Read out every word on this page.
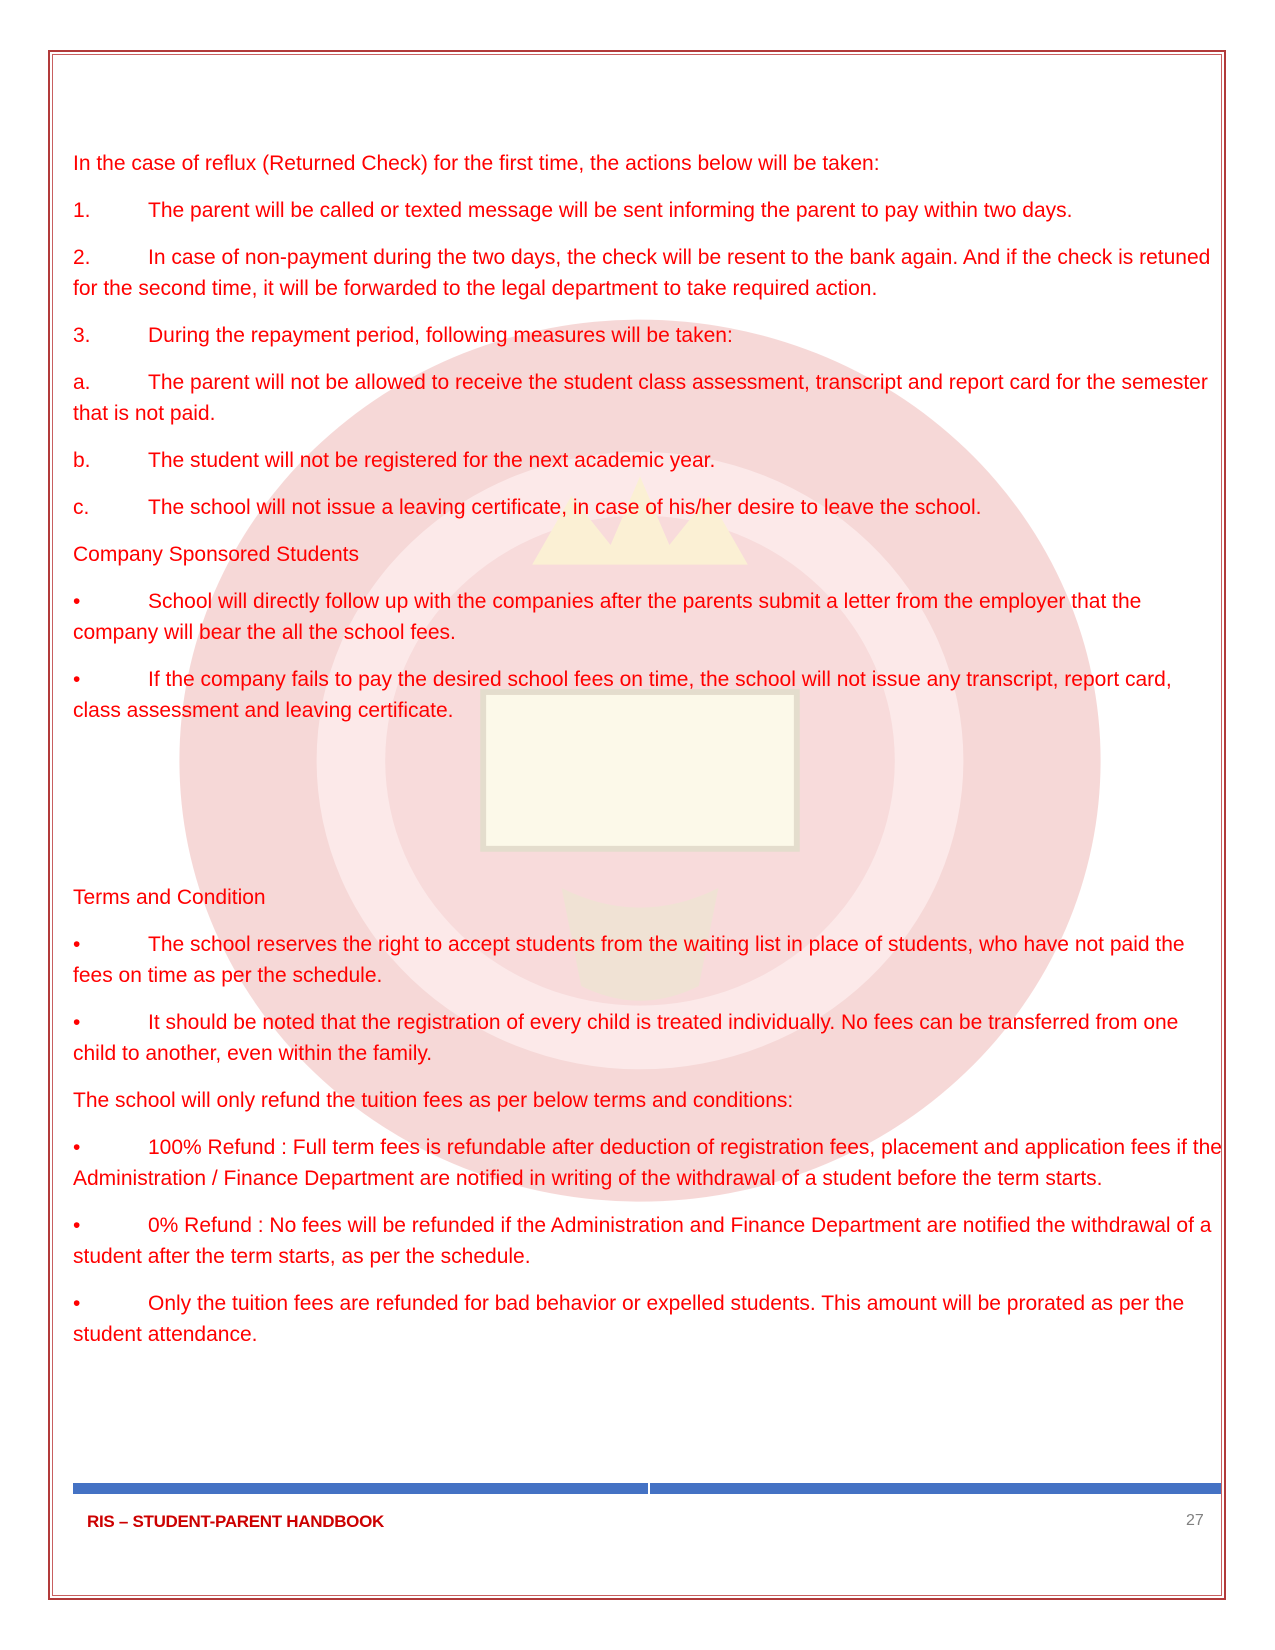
In the case of reflux (Returned Check) for the first time, the actions below will be taken:

1.	The parent will be called or texted message will be sent informing the parent to pay within two days.

2.	In case of non-payment during the two days, the check will be resent to the bank again. And if the check is retuned for the second time, it will be forwarded to the legal department to take required action.

3.	During the repayment period, following measures will be taken:

a.	The parent will not be allowed to receive the student class assessment, transcript and report card for the semester that is not paid.

b.	The student will not be registered for the next academic year.

c.	The school will not issue a leaving certificate, in case of his/her desire to leave the school.

Company Sponsored Students

•	School will directly follow up with the companies after the parents submit a letter from the employer that the company will bear the all the school fees.

•	If the company fails to pay the desired school fees on time, the school will not issue any transcript, report card, class assessment and leaving certificate.

Terms and Condition

•	The school reserves the right to accept students from the waiting list in place of students, who have not paid the fees on time as per the schedule.

•	It should be noted that the registration of every child is treated individually. No fees can be transferred from one child to another, even within the family.

The school will only refund the tuition fees as per below terms and conditions:

•	100% Refund : Full term fees is refundable after deduction of registration fees, placement and application fees if the Administration / Finance Department are notified in writing of the withdrawal of a student before the term starts.

•	0% Refund : No fees will be refunded if the Administration and Finance Department are notified the withdrawal of a student after the term starts, as per the schedule.

•	Only the tuition fees are refunded for bad behavior or expelled students. This amount will be prorated as per the student attendance.

RIS – STUDENT-PARENT HANDBOOK	27
